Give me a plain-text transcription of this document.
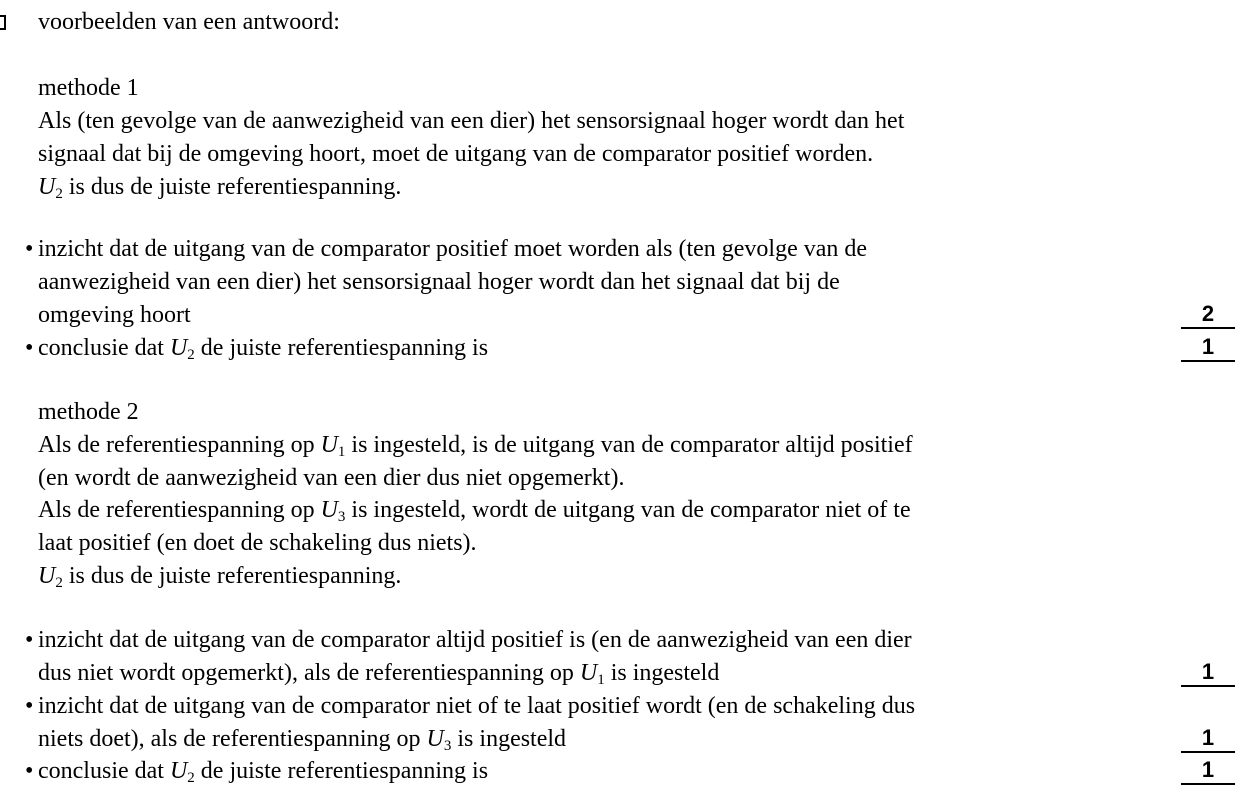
voorbeelden van een antwoord:
methode 1
Als (ten gevolge van de aanwezigheid van een dier) het sensorsignaal hoger wordt dan het
signaal dat bij de omgeving hoort, moet de uitgang van de comparator positief worden.
$U_2$ is dus de juiste referentiespanning.
• inzicht dat de uitgang van de comparator positief moet worden als (ten gevolge van de
aanwezigheid van een dier) het sensorsignaal hoger wordt dan het signaal dat bij de
omgeving hoort	2
• conclusie dat $U_2$ de juiste referentiespanning is	1
methode 2
Als de referentiespanning op $U_1$ is ingesteld, is de uitgang van de comparator altijd positief
(en wordt de aanwezigheid van een dier dus niet opgemerkt).
Als de referentiespanning op $U_3$ is ingesteld, wordt de uitgang van de comparator niet of te
laat positief (en doet de schakeling dus niets).
$U_2$ is dus de juiste referentiespanning.
• inzicht dat de uitgang van de comparator altijd positief is (en de aanwezigheid van een dier
dus niet wordt opgemerkt), als de referentiespanning op $U_1$ is ingesteld	1
• inzicht dat de uitgang van de comparator niet of te laat positief wordt (en de schakeling dus
niets doet), als de referentiespanning op $U_3$ is ingesteld	1
• conclusie dat $U_2$ de juiste referentiespanning is	1
